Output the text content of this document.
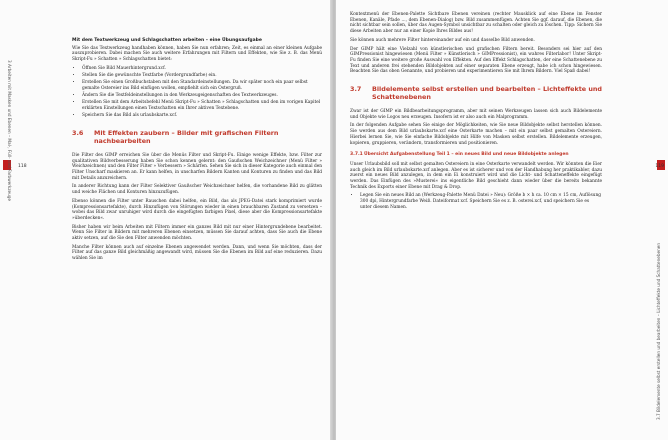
3 Arbeiten mit Masken und Ebenen – Mal-, Füll- und Farbwerkzeuge 118
Mit dem Textwerkzeug und Schlagschatten arbeiten – eine Übungsaufgabe

Wie Sie das Textwerkzeug handhaben können, haben Sie nun erfahren; Zeit, es einmal an einer kleinen Aufgabe auszuprobieren. Dabei machen Sie auch weitere Erfahrungen mit Filtern und Effekten, wie Sie z. B. das Menü Skript-Fu » Schatten » Schlagschatten bietet:

• Öffnen Sie Bild Mauerhintergrund.xcf.
• Stellen Sie die gewünschte Textfarbe (Vordergrundfarbe) ein.
• Erstellen Sie einen Großbuchstaben mit den Standardeinstellungen. Da wir später noch ein paar selbst gemalte Ostereier ins Bild einfügen wollen, empfiehlt sich ein Ostergruß.
• Ändern Sie die Textfeldeinstellungen in den Werkzeugeigenschaften des Textwerkzeuges.
• Erstellen Sie mit dem Arbeitsbefehl Menü Skript-Fu » Schatten » Schlagschatten und den im vorigen Kapitel erklärten Einstellungen einen Textschatten ein Ihrer aktiven Textebene.
• Speichern Sie das Bild als urlaubskarte.xcf.
3.6	Mit Effekten zaubern – Bilder mit grafischen Filtern nachbearbeiten

Die Filter des GIMP erreichen Sie über die Menüs Filter und Skript-Fu. Einige wenige Effekte, bzw. Filter zur qualitativen Bildverbesserung haben Sie schon kennen gelernt: den Gaußschen Weichzeichner (Menü Filter » Weichzeichnen) und den Filter Filter » Verbessern » Schärfen. Sehen Sie sich in dieser Kategorie auch einmal den Filter Unscharf maskieren an. Er kann helfen, in unscharfen Bildern Kanten und Konturen zu finden und das Bild mit Details anzureichern.

In anderer Richtung kann der Filter Selektiver Gaußscher Weichzeichner helfen, die vorhandene Bild zu glätten und weiche Flächen und Konturen hinzuzufügen.

Ebenso können die Filter unter Rauschen dabei helfen, ein Bild, das als JPEG-Datei stark komprimiert wurde (Kompressionsartefakte), durch Hinzufügen von Störungen wieder in einen brauchbaren Zustand zu versetzen – wobei das Bild zwar unruhiger wird durch die eingefügten farbigen Pixel, diese aber die Kompressionsartefakte »überdecken«.

Bisher haben wir beim Arbeiten mit Filtern immer ein ganzes Bild mit nur einer Hintergrundebene bearbeitet. Wenn Sie Filter in Bildern mit mehreren Ebenen einsetzen, müssen Sie darauf achten, dass Sie auch die Ebene aktiv setzen, auf die Sie den Filter anwenden möchten.

Manche Filter können auch auf einzelne Ebenen angewendet werden. Dann, und wenn Sie möchten, dass der Filter auf das ganze Bild gleichmäßig angewandt wird, müssen Sie die Ebenen im Bild auf eine reduzieren. Dazu wählen Sie im	3.7 Bildelemente selbst erstellen und bearbeiten – Lichteffekte und Schattenebenen
119

Kontextmenü der Ebenen-Palette Sichtbare Ebenen vereinen (rechter Mausklick auf eine Ebene im Fenster Ebenen, Kanäle, Pfade ..., dem Ebenen-Dialog) bzw. Bild zusammenfügen. Achten Sie ggf. darauf, die Ebenen, die nicht sichtbar sein sollen, über das Augen-Symbol unsichtbar zu schalten oder gleich zu löschen. Tipp: Sichern Sie diese Arbeiten aber nur an einer Kopie Ihres Bildes aus!

Sie können auch mehrere Filter hintereinander auf ein und dasselbe Bild anwenden.

Der GIMP hält eine Vielzahl von künstlerischen und grafischen Filtern bereit. Besonders sei hier auf den GIMPressionist hingewiesen (Menü Filter » Künstlerisch » GIMPressionist), ein wahres Filterlabor! Unter Skript-Fu finden Sie eine weitere große Auswahl von Effekten. Auf den Effekt Schlagschatten, der eine Schattenebene zu Text und anderen frei stehenden Bildobjekten auf einer separaten Ebene erzeugt, habe ich schon hingewiesen. Beachten Sie das oben Genannte, und probieren und experimentieren Sie mit Ihrem Bildern. Viel Spaß dabei!

3.7	Bildelemente selbst erstellen und bearbeiten – Lichteffekte und Schattenebenen

Zwar ist der GIMP ein Bildbearbeitungsprogramm, aber mit seinen Werkzeugen lassen sich auch Bildelemente und Objekte wie Logos neu erzeugen. Insofern ist er also auch ein Malprogramm.

In der folgenden Aufgabe sehen Sie einige der Möglichkeiten, wie Sie neue Bildobjekte selbst herstellen können. Sie werden aus dem Bild urlaubskarte.xcf eine Osterkarte machen – mit ein paar selbst gemalten Ostereiern. Hierbei lernen Sie, wie Sie einfache Bildobjekte mit Hilfe von Masken selbst erstellen. Bildelemente erzeugen, kopieren, gruppieren, verändern, transformieren und positionieren.

3.7.1 Übersicht Aufgabenstellung Teil 1 – ein neues Bild und neue Bildobjekte anlegen

Unser Urlaubsbild soll mit selbst gemalten Ostereiern in eine Osterkarte verwandelt werden. Wir könnten die Eier auch gleich im Bild urlaubskarte.xcf anlegen. Aber es ist sicherer und von der Handhabung her praktikabler, dazu zuerst ein neues Bild anzulegen, in dem ein Ei konstruiert wird und die Licht- und Schatteneffekte eingefügt werden. Das Einfügen des »Musterei« ins eigentliche Bild geschieht dann wieder über die bereits bekannte Technik des Exports einer Ebene mit Drag & Drop.

• Legen Sie ein neues Bild an (Werkzeug-Palette Menü Datei » Neu): Größe b × h ca. 10 cm × 15 cm, Auflösung 300 dpi, Hintergrundfarbe Weiß. Dateiformat xcf. Speichern Sie es z. B. osterei.xcf, und speichern Sie es unter diesem Namen.
